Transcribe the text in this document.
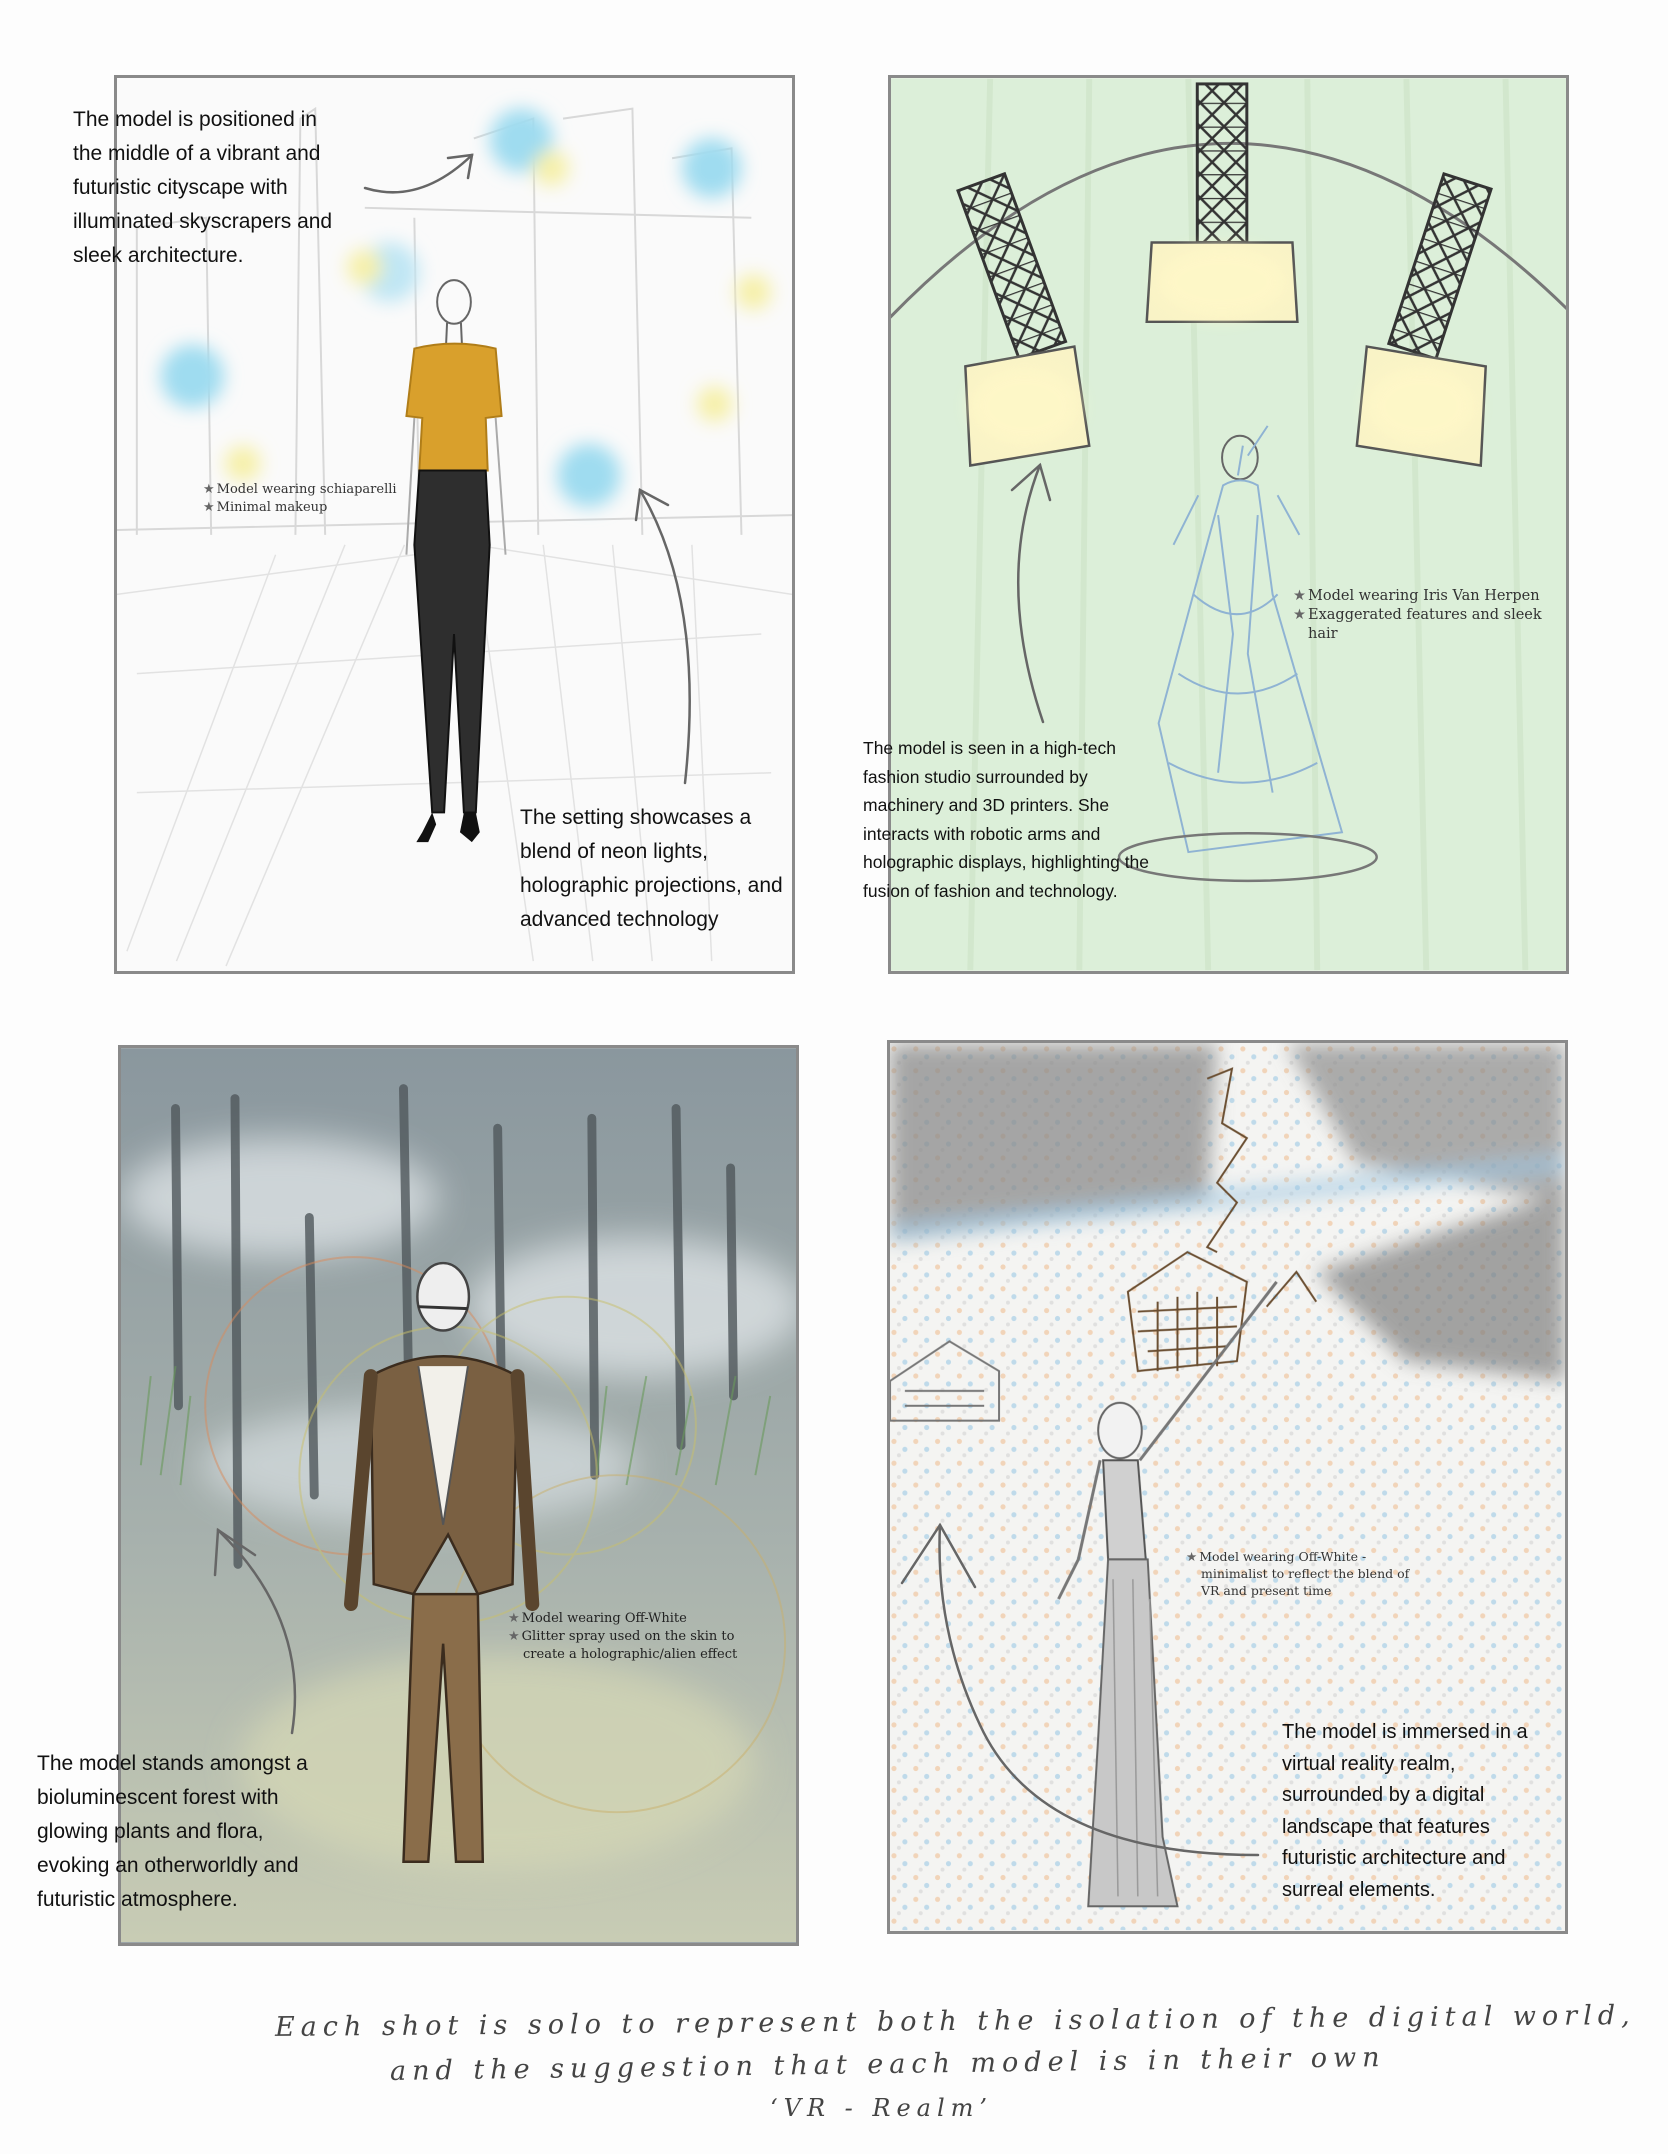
The model is positioned in
the middle of a vibrant and
futuristic cityscape with
illuminated skyscrapers and
sleek architecture.
The setting showcases a
blend of neon lights,
holographic projections, and
advanced technology
★ Model wearing schiaparelli
★ Minimal makeup
The model is seen in a high-tech
fashion studio surrounded by
machinery and 3D printers. She
interacts with robotic arms and
holographic displays, highlighting the
fusion of fashion and technology.
★ Model wearing Iris Van Herpen
★ Exaggerated features and sleek
hair
The model stands amongst a
bioluminescent forest with
glowing plants and flora,
evoking an otherworldly and
futuristic atmosphere.
★ Model wearing Off-White
★ Glitter spray used on the skin to
create a holographic/alien effect
The model is immersed in a
virtual reality realm,
surrounded by a digital
landscape that features
futuristic architecture and
surreal elements.
★ Model wearing Off-White -
minimalist to reflect the blend of
VR and present time
Each shot is solo to represent both the isolation of the digital world,
and the suggestion that each model is in their own
‘VR - Realm’
